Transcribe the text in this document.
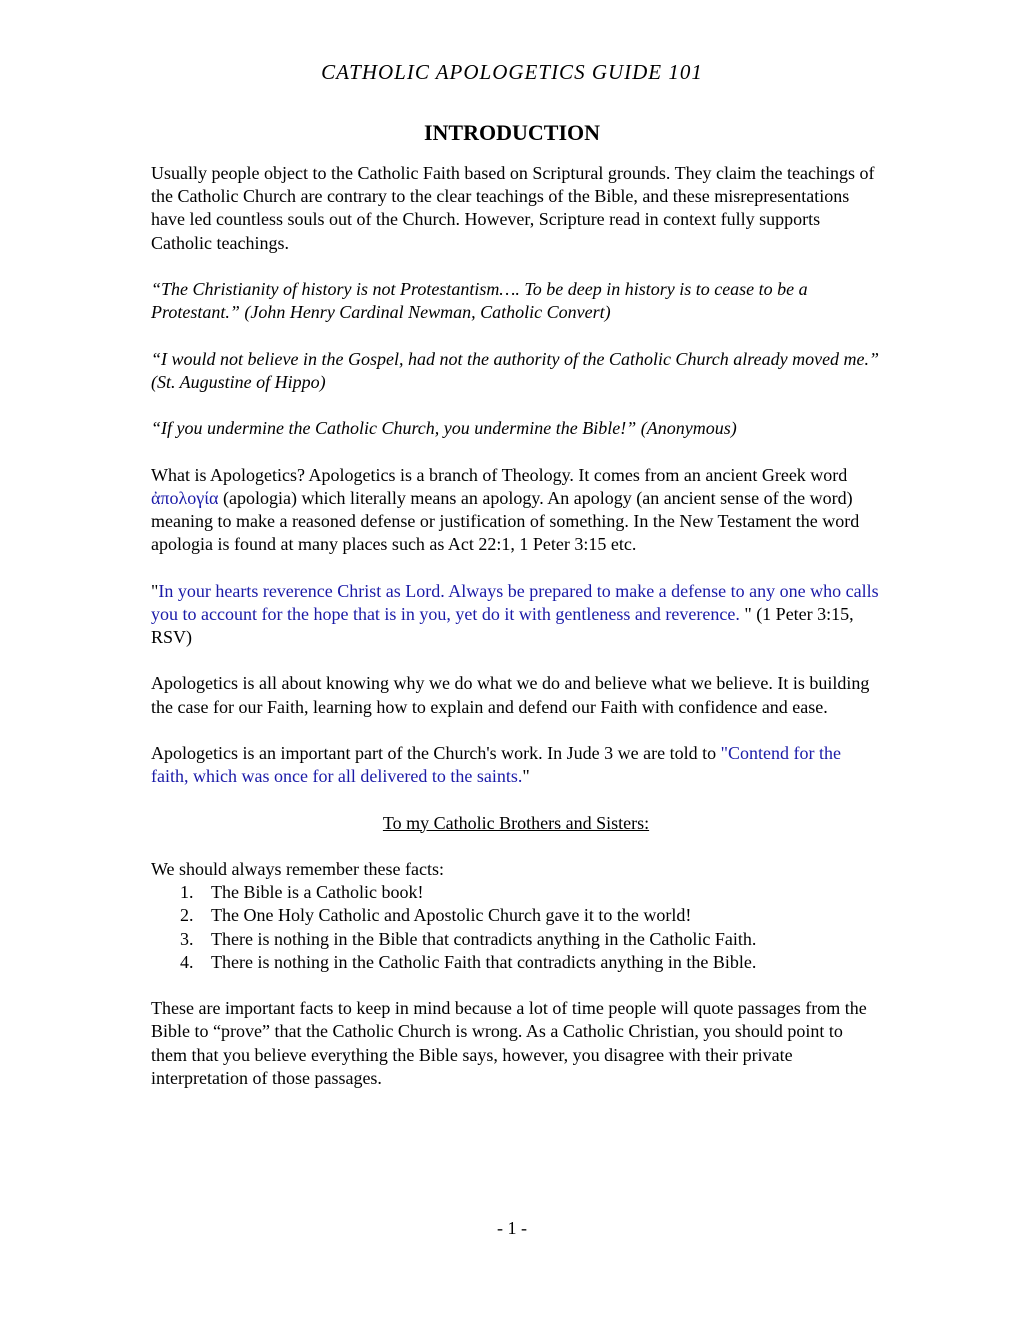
CATHOLIC APOLOGETICS GUIDE 101
INTRODUCTION

Usually people object to the Catholic Faith based on Scriptural grounds. They claim the teachings of the Catholic Church are contrary to the clear teachings of the Bible, and these misrepresentations have led countless souls out of the Church. However, Scripture read in context fully supports Catholic teachings.

“The Christianity of history is not Protestantism…. To be deep in history is to cease to be a Protestant.” (John Henry Cardinal Newman, Catholic Convert)

“I would not believe in the Gospel, had not the authority of the Catholic Church already moved me.” (St. Augustine of Hippo)

“If you undermine the Catholic Church, you undermine the Bible!” (Anonymous)

What is Apologetics? Apologetics is a branch of Theology. It comes from an ancient Greek word ἀπολογία (apologia) which literally means an apology. An apology (an ancient sense of the word) meaning to make a reasoned defense or justification of something. In the New Testament the word apologia is found at many places such as Act 22:1, 1 Peter 3:15 etc.

"In your hearts reverence Christ as Lord. Always be prepared to make a defense to any one who calls you to account for the hope that is in you, yet do it with gentleness and reverence. " (1 Peter 3:15, RSV)

Apologetics is all about knowing why we do what we do and believe what we believe. It is building the case for our Faith, learning how to explain and defend our Faith with confidence and ease.

Apologetics is an important part of the Church's work. In Jude 3 we are told to "Contend for the faith, which was once for all delivered to the saints."

To my Catholic Brothers and Sisters:

We should always remember these facts:
1. The Bible is a Catholic book!
2. The One Holy Catholic and Apostolic Church gave it to the world!
3. There is nothing in the Bible that contradicts anything in the Catholic Faith.
4. There is nothing in the Catholic Faith that contradicts anything in the Bible.

These are important facts to keep in mind because a lot of time people will quote passages from the Bible to “prove” that the Catholic Church is wrong. As a Catholic Christian, you should point to them that you believe everything the Bible says, however, you disagree with their private interpretation of those passages.

- 1 -
